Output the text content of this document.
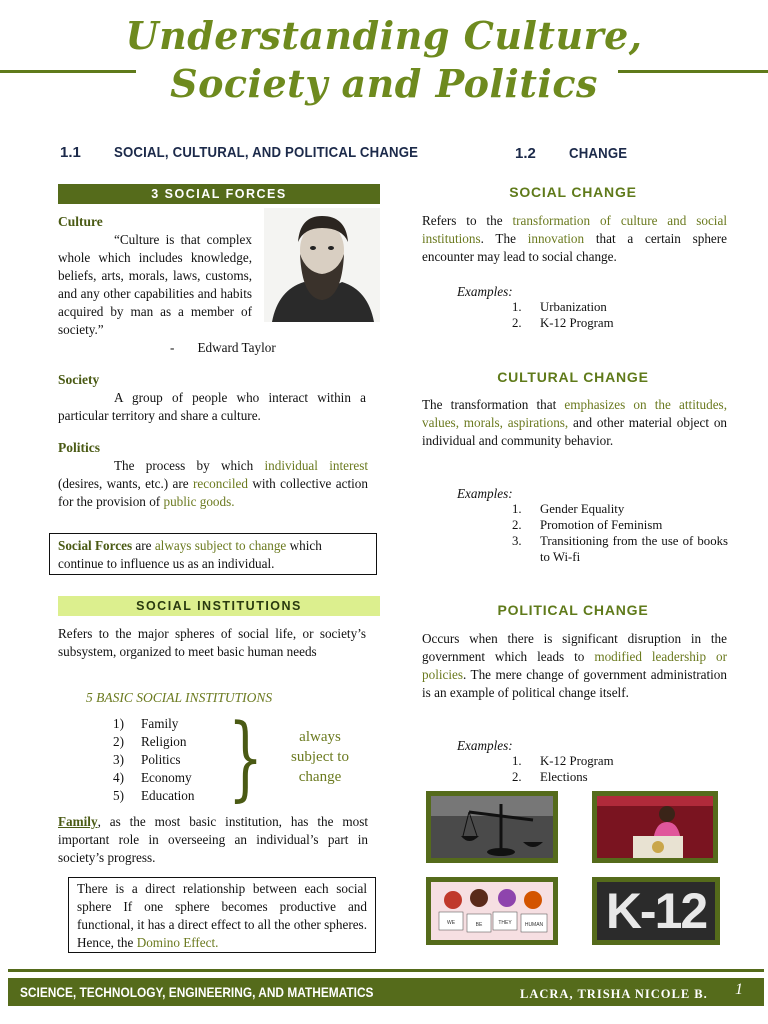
Understanding Culture,
Society and Politics
1.1 SOCIAL, CULTURAL, AND POLITICAL CHANGE
3 SOCIAL FORCES
Culture
“Culture is that complex whole which includes knowledge, beliefs, arts, morals, laws, customs, and any other capabilities and habits acquired by man as a member of society.”
-       Edward Taylor
Society
A group of people who interact within a particular territory and share a culture.
Politics
The process by which individual interest (desires, wants, etc.) are reconciled with collective action for the provision of public goods.
Social Forces are always subject to change which continue to influence us as an individual.
SOCIAL INSTITUTIONS
Refers to the major spheres of social life, or society’s subsystem, organized to meet basic human needs
5 BASIC SOCIAL INSTITUTIONS
1)	Family
2)	Religion
3)	Politics
4)	Economy
5)	Education }	always subject to change
Family, as the most basic institution, has the most important role in overseeing an individual’s part in society’s progress.
There is a direct relationship between each social sphere If one sphere becomes productive and functional, it has a direct effect to all the other spheres. Hence, the Domino Effect.
1.2 CHANGE
SOCIAL CHANGE
Refers to the transformation of culture and social institutions. The innovation that a certain sphere encounter may lead to social change.
Examples:
1.	Urbanization
2.	K-12 Program
CULTURAL CHANGE
The transformation that emphasizes on the attitudes, values, morals, aspirations, and other material object on individual and community behavior.
Examples:
1.	Gender Equality
2.	Promotion of Feminism
3.	Transitioning from the use of books to Wi-fi
POLITICAL CHANGE
Occurs when there is significant disruption in the government which leads to modified leadership or policies. The mere change of government administration is an example of political change itself.
Examples:
1.	K-12 Program
2.	Elections
WE	BE	THEY	HUMAN K-12
SCIENCE, TECHNOLOGY, ENGINEERING, AND MATHEMATICS	LACRA, TRISHA NICOLE B. 1
